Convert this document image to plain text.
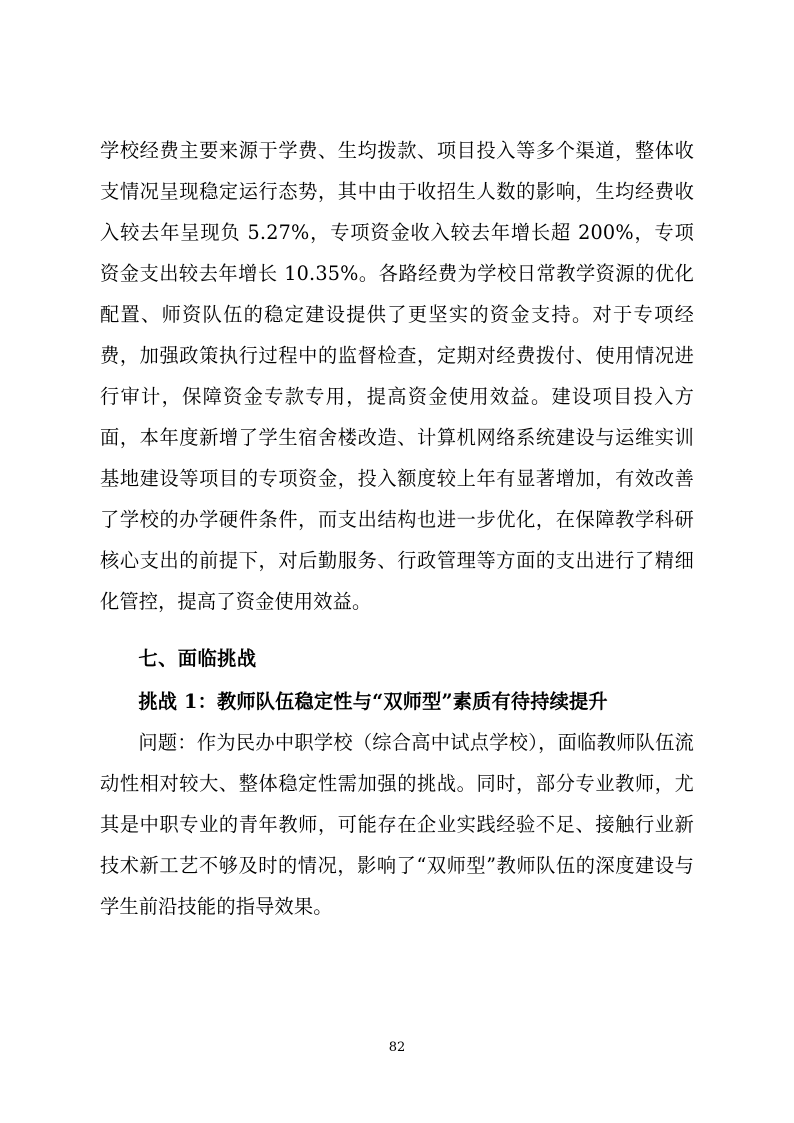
学校经费主要来源于学费、生均拨款、项目投入等多个渠道，整体收支情况呈现稳定运行态势，其中由于收招生人数的影响，生均经费收入较去年呈现负 5.27%，专项资金收入较去年增长超 200%，专项资金支出较去年增长 10.35%。各路经费为学校日常教学资源的优化配置、师资队伍的稳定建设提供了更坚实的资金支持。对于专项经费，加强政策执行过程中的监督检查，定期对经费拨付、使用情况进行审计，保障资金专款专用，提高资金使用效益。建设项目投入方面，本年度新增了学生宿舍楼改造、计算机网络系统建设与运维实训基地建设等项目的专项资金，投入额度较上年有显著增加，有效改善了学校的办学硬件条件，而支出结构也进一步优化，在保障教学科研核心支出的前提下，对后勤服务、行政管理等方面的支出进行了精细化管控，提高了资金使用效益。

七、面临挑战
挑战 1：教师队伍稳定性与“双师型”素质有待持续提升

问题：作为民办中职学校（综合高中试点学校），面临教师队伍流动性相对较大、整体稳定性需加强的挑战。同时，部分专业教师，尤其是中职专业的青年教师，可能存在企业实践经验不足、接触行业新技术新工艺不够及时的情况，影响了“双师型”教师队伍的深度建设与学生前沿技能的指导效果。

82
